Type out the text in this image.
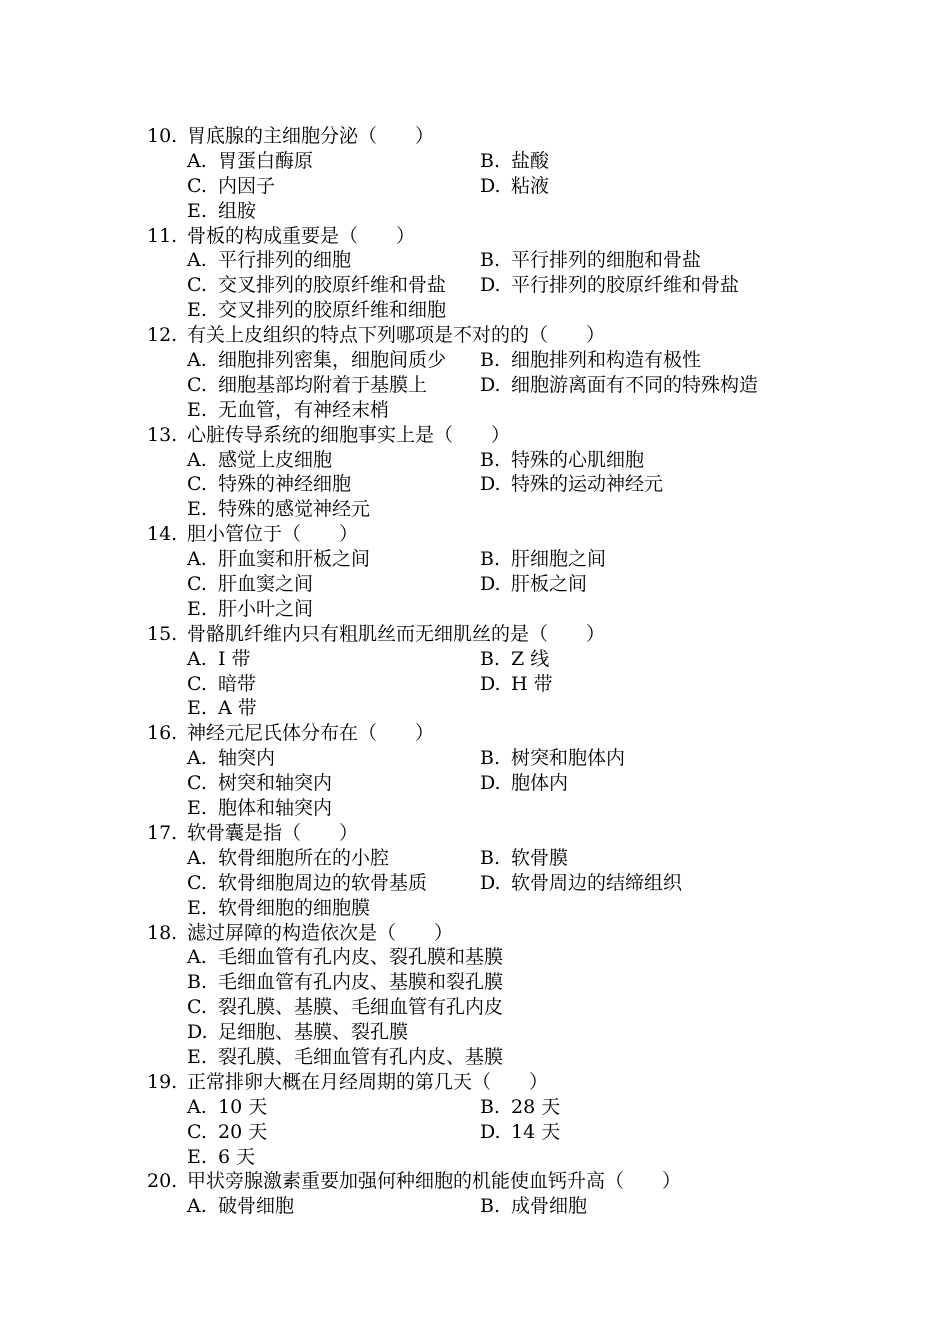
10. 胃底腺的主细胞分泌（　　）
A. 胃蛋白酶原	B. 盐酸
C. 内因子	D. 粘液
E. 组胺
11. 骨板的构成重要是（　　）
A. 平行排列的细胞	B. 平行排列的细胞和骨盐
C. 交叉排列的胶原纤维和骨盐 D. 平行排列的胶原纤维和骨盐
E. 交叉排列的胶原纤维和细胞
12. 有关上皮组织的特点下列哪项是不对的的（　　）
A. 细胞排列密集，细胞间质少 B. 细胞排列和构造有极性
C. 细胞基部均附着于基膜上	D. 细胞游离面有不同的特殊构造
E. 无血管，有神经末梢
13. 心脏传导系统的细胞事实上是（　　）
A. 感觉上皮细胞	B. 特殊的心肌细胞
C. 特殊的神经细胞	D. 特殊的运动神经元
E. 特殊的感觉神经元
14. 胆小管位于（　　）
A. 肝血窦和肝板之间	B. 肝细胞之间
C. 肝血窦之间	D. 肝板之间
E. 肝小叶之间
15. 骨骼肌纤维内只有粗肌丝而无细肌丝的是（　　）
A. I 带	B. Z 线
C. 暗带	D. H 带
E. A 带
16. 神经元尼氏体分布在（　　）
A. 轴突内	B. 树突和胞体内
C. 树突和轴突内	D. 胞体内
E. 胞体和轴突内
17. 软骨囊是指（　　）
A. 软骨细胞所在的小腔	B. 软骨膜
C. 软骨细胞周边的软骨基质	D. 软骨周边的结缔组织
E. 软骨细胞的细胞膜
18. 滤过屏障的构造依次是（　　）
A. 毛细血管有孔内皮、裂孔膜和基膜
B. 毛细血管有孔内皮、基膜和裂孔膜
C. 裂孔膜、基膜、毛细血管有孔内皮
D. 足细胞、基膜、裂孔膜
E. 裂孔膜、毛细血管有孔内皮、基膜
19. 正常排卵大概在月经周期的第几天（　　）
A. 10 天	B. 28 天
C. 20 天	D. 14 天
E. 6 天
20. 甲状旁腺激素重要加强何种细胞的机能使血钙升高（　　）
A. 破骨细胞	B. 成骨细胞
